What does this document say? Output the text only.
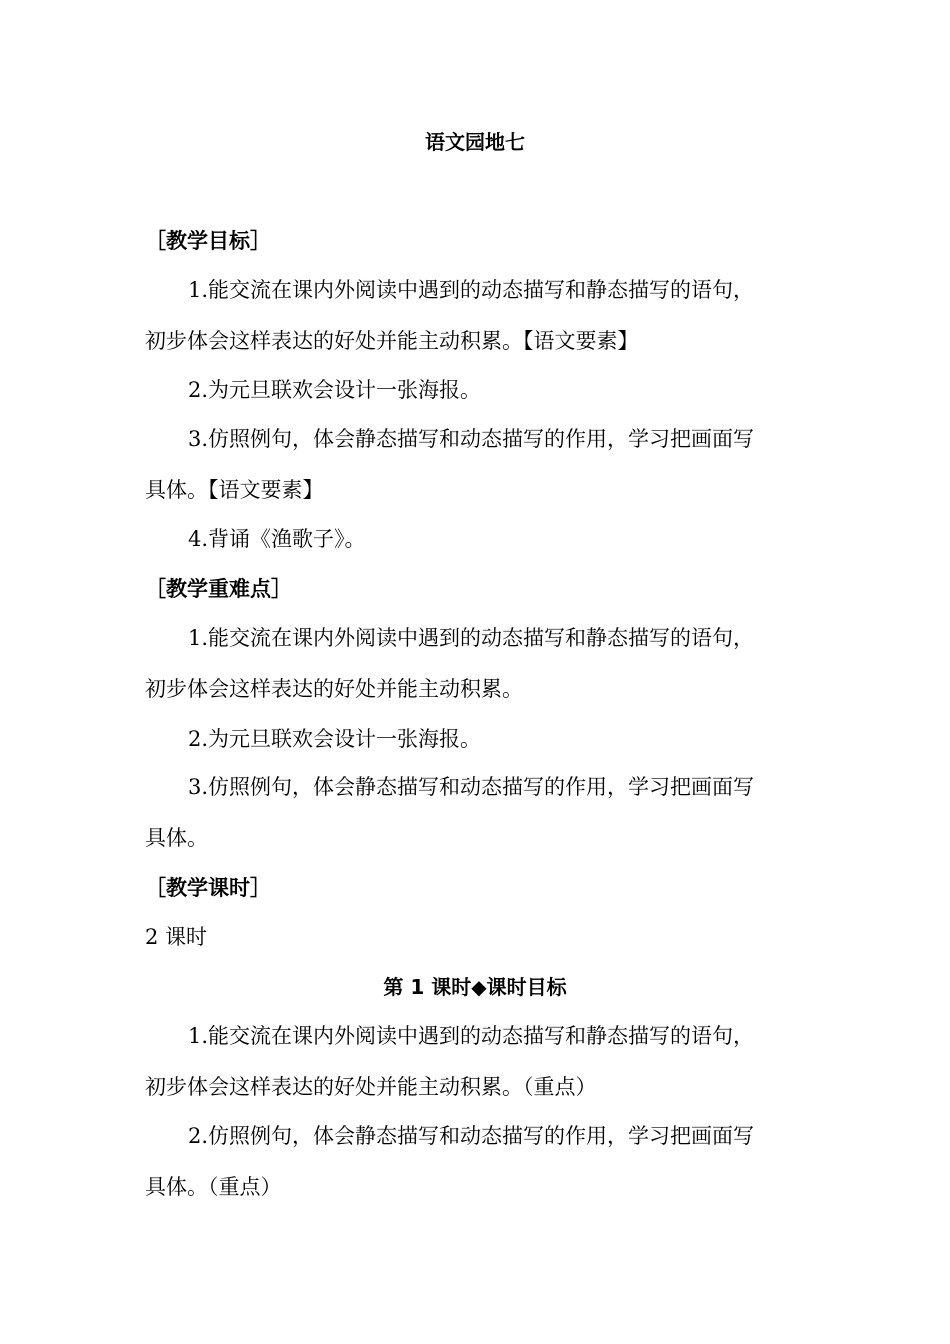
语文园地七
［教学目标］
1.能交流在课内外阅读中遇到的动态描写和静态描写的语句，
初步体会这样表达的好处并能主动积累。【语文要素】
2.为元旦联欢会设计一张海报。
3.仿照例句，体会静态描写和动态描写的作用，学习把画面写
具体。【语文要素】
4.背诵《渔歌子》。
［教学重难点］
1.能交流在课内外阅读中遇到的动态描写和静态描写的语句，
初步体会这样表达的好处并能主动积累。
2.为元旦联欢会设计一张海报。
3.仿照例句，体会静态描写和动态描写的作用，学习把画面写
具体。
［教学课时］
2 课时
第 1 课时◆课时目标
1.能交流在课内外阅读中遇到的动态描写和静态描写的语句，
初步体会这样表达的好处并能主动积累。（重点）
2.仿照例句，体会静态描写和动态描写的作用，学习把画面写
具体。（重点）
